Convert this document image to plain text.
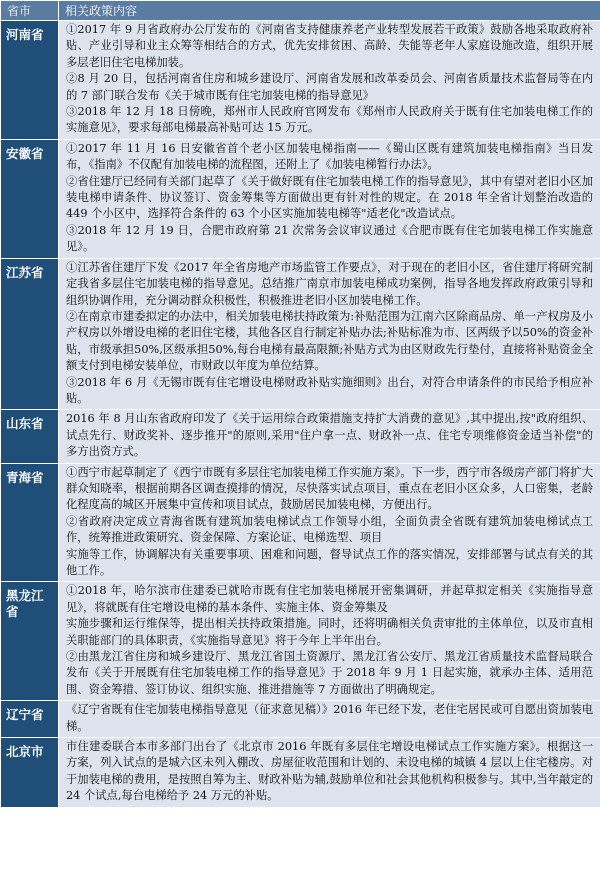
省市	相关政策内容
河南省	①2017 年 9 月省政府办公厅发布的《河南省支持健康养老产业转型发展若干政策》鼓励各地采取政府补贴、产业引导和业主众筹等相结合的方式，优先安排贫困、高龄、失能等老年人家庭设施改造，组织开展多层老旧住宅电梯加装。

②8 月 20 日，包括河南省住房和城乡建设厅、河南省发展和改革委员会、河南省质量技术监督局等在内的 7 部门联合发布《关于城市既有住宅加装电梯的指导意见》

③2018 年 12 月 18 日傍晚，郑州市人民政府官网发布《郑州市人民政府关于既有住宅加装电梯工作的实施意见》，要求每部电梯最高补贴可达 15 万元。

安徽省	①2017 年 11 月 16 日安徽省首个老小区加装电梯指南——《蜀山区既有建筑加装电梯指南》当日发布，《指南》不仅配有加装电梯的流程图，还附上了《加装电梯暂行办法》。

②省住建厅已经同有关部门起草了《关于做好既有住宅加装电梯工作的指导意见》，其中有望对老旧小区加装电梯申请条件、协议签订、资金筹集等方面做出更有针对性的规定。在 2018 年全省计划整治改造的 449 个小区中，选择符合条件的 63 个小区实施加装电梯等"适老化"改造试点。

③2018 年 12 月 19 日，合肥市政府第 21 次常务会议审议通过《合肥市既有住宅加装电梯工作实施意见》。

江苏省	①江苏省住建厅下发《2017 年全省房地产市场监管工作要点》，对于现在的老旧小区，省住建厅将研究制定我省多层住宅加装电梯的指导意见。总结推广南京市加装电梯成功案例，指导各地发挥政府政策引导和组织协调作用，充分调动群众积极性，积极推进老旧小区加装电梯工作。

②在南京市建委拟定的办法中，相关加装电梯扶持政策为:补贴范围为江南六区除商品房、单一产权房及小产权房以外增设电梯的老旧住宅楼，其他各区自行制定补贴办法;补贴标准为市、区两级予以50%的资金补贴，市级承担50%,区级承担50%,每台电梯有最高限额;补贴方式为由区财政先行垫付，直接将补贴资金全额支付到电梯安装单位，市财政以年度为单位结算。

③2018 年 6 月《无锡市既有住宅增设电梯财政补贴实施细则》出台，对符合申请条件的市民给予相应补贴。

山东省	2016 年 8 月山东省政府印发了《关于运用综合政策措施支持扩大消费的意见》,其中提出,按"政府组织、试点先行、财政奖补、逐步推开"的原则,采用"住户拿一点、财政补一点、住宅专项维修资金适当补偿"的多方出资方式。

青海省	①西宁市起草制定了《西宁市既有多层住宅加装电梯工作实施方案》。下一步，西宁市各级房产部门将扩大群众知晓率，根据前期各区调查摸排的情况，尽快落实试点项目，重点在老旧小区众多，人口密集，老龄化程度高的城区开展集中宣传和项目试点，鼓励居民加装电梯，方便出行。

②省政府决定成立青海省既有建筑加装电梯试点工作领导小组，全面负责全省既有建筑加装电梯试点工作，统筹推进政策研究、资金保障、方案论证、电梯选型、项目

实施等工作，协调解决有关重要事项、困难和问题，督导试点工作的落实情况，安排部署与试点有关的其他工作。

黑龙江省	①2018 年，哈尔滨市住建委已就哈市既有住宅加装电梯展开密集调研，并起草拟定相关《实施指导意见》，将就既有住宅增设电梯的基本条件、实施主体、资金筹集及

实施步骤和运行维保等，提出相关扶持政策措施。同时，还将明确相关负责审批的主体单位，以及市直相关职能部门的具体职责，《实施指导意见》将于今年上半年出台。

②由黑龙江省住房和城乡建设厅、黑龙江省国土资源厅、黑龙江省公安厅、黑龙江省质量技术监督局联合发布《关于开展既有住宅加装电梯工作的指导意见》于 2018 年 9 月 1 日起实施，就承办主体、适用范围、资金筹措、签订协议、组织实施、推进措施等 7 方面做出了明确规定。

辽宁省	《辽宁省既有住宅加装电梯指导意见（征求意见稿）》2016 年已经下发，老住宅居民或可自愿出资加装电梯。

北京市	市住建委联合本市多部门出台了《北京市 2016 年既有多层住宅增设电梯试点工作实施方案》。根据这一方案，列入试点的是城六区未列入棚改、房屋征收范围和计划的、未设电梯的城镇 4 层以上住宅楼房。对于加装电梯的费用，是按照自筹为主、财政补贴为辅,鼓励单位和社会其他机构积极参与。其中,当年敲定的 24 个试点,每台电梯给予 24 万元的补贴。
